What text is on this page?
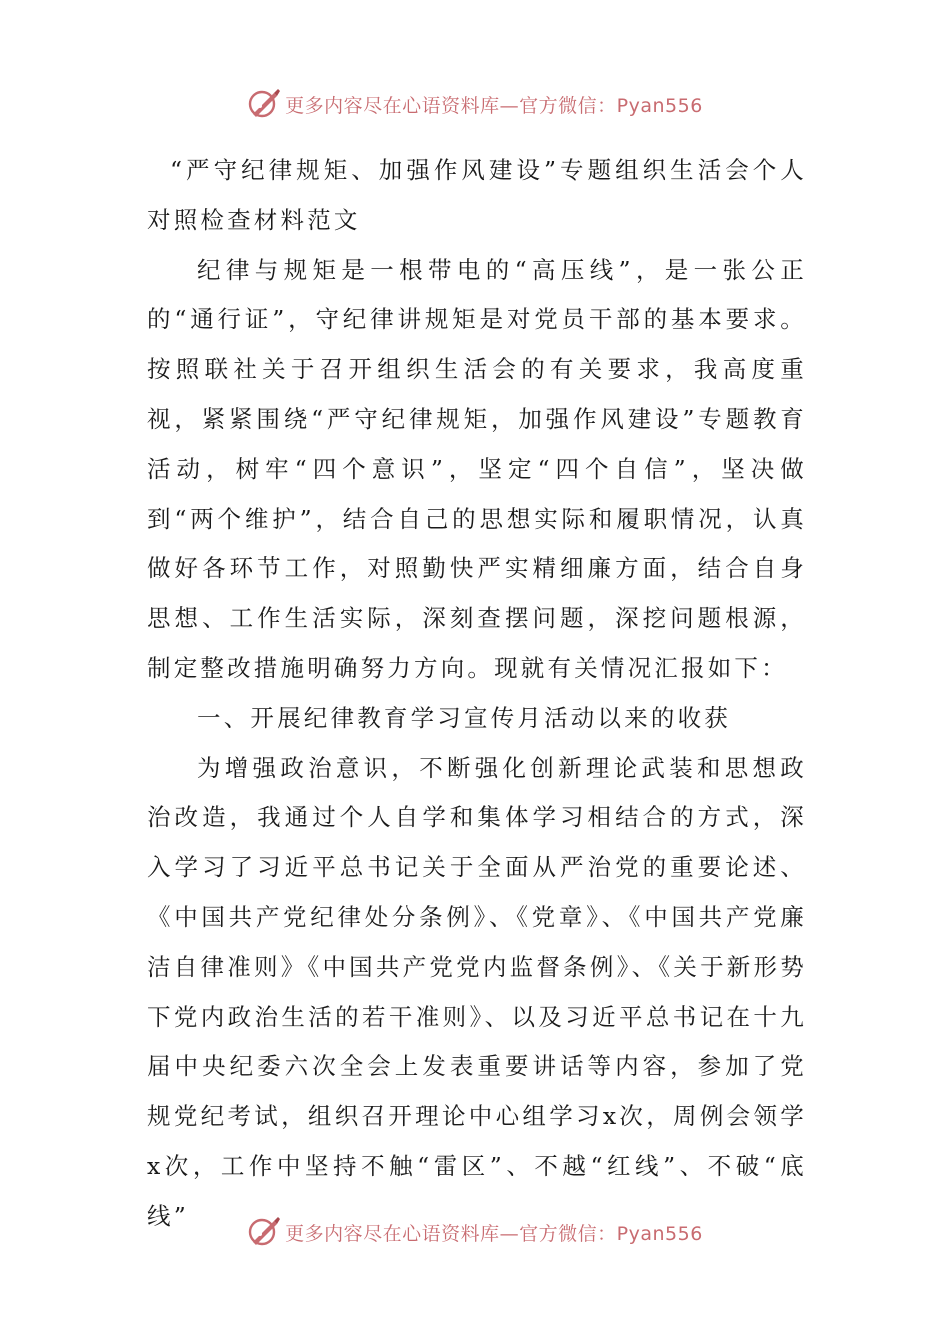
更多内容尽在心语资料库—官方微信：Pyan556

“严守纪律规矩、加强作风建设”专题组织生活会个人对照检查材料范文

纪律与规矩是一根带电的“高压线”，是一张公正的“通行证”，守纪律讲规矩是对党员干部的基本要求。按照联社关于召开组织生活会的有关要求，我高度重视，紧紧围绕“严守纪律规矩，加强作风建设”专题教育活动，树牢“四个意识”，坚定“四个自信”，坚决做到“两个维护”，结合自己的思想实际和履职情况，认真做好各环节工作，对照勤快严实精细廉方面，结合自身思想、工作生活实际，深刻查摆问题，深挖问题根源，制定整改措施明确努力方向。现就有关情况汇报如下：

一、开展纪律教育学习宣传月活动以来的收获

为增强政治意识，不断强化创新理论武装和思想政治改造，我通过个人自学和集体学习相结合的方式，深入学习了习近平总书记关于全面从严治党的重要论述、《中国共产党纪律处分条例》、《党章》、《中国共产党廉洁自律准则》《中国共产党党内监督条例》、《关于新形势下党内政治生活的若干准则》、以及习近平总书记在十九届中央纪委六次全会上发表重要讲话等内容，参加了党规党纪考试，组织召开理论中心组学习x次，周例会领学x次，工作中坚持不触“雷区”、不越“红线”、不破“底线”

更多内容尽在心语资料库—官方微信：Pyan556
